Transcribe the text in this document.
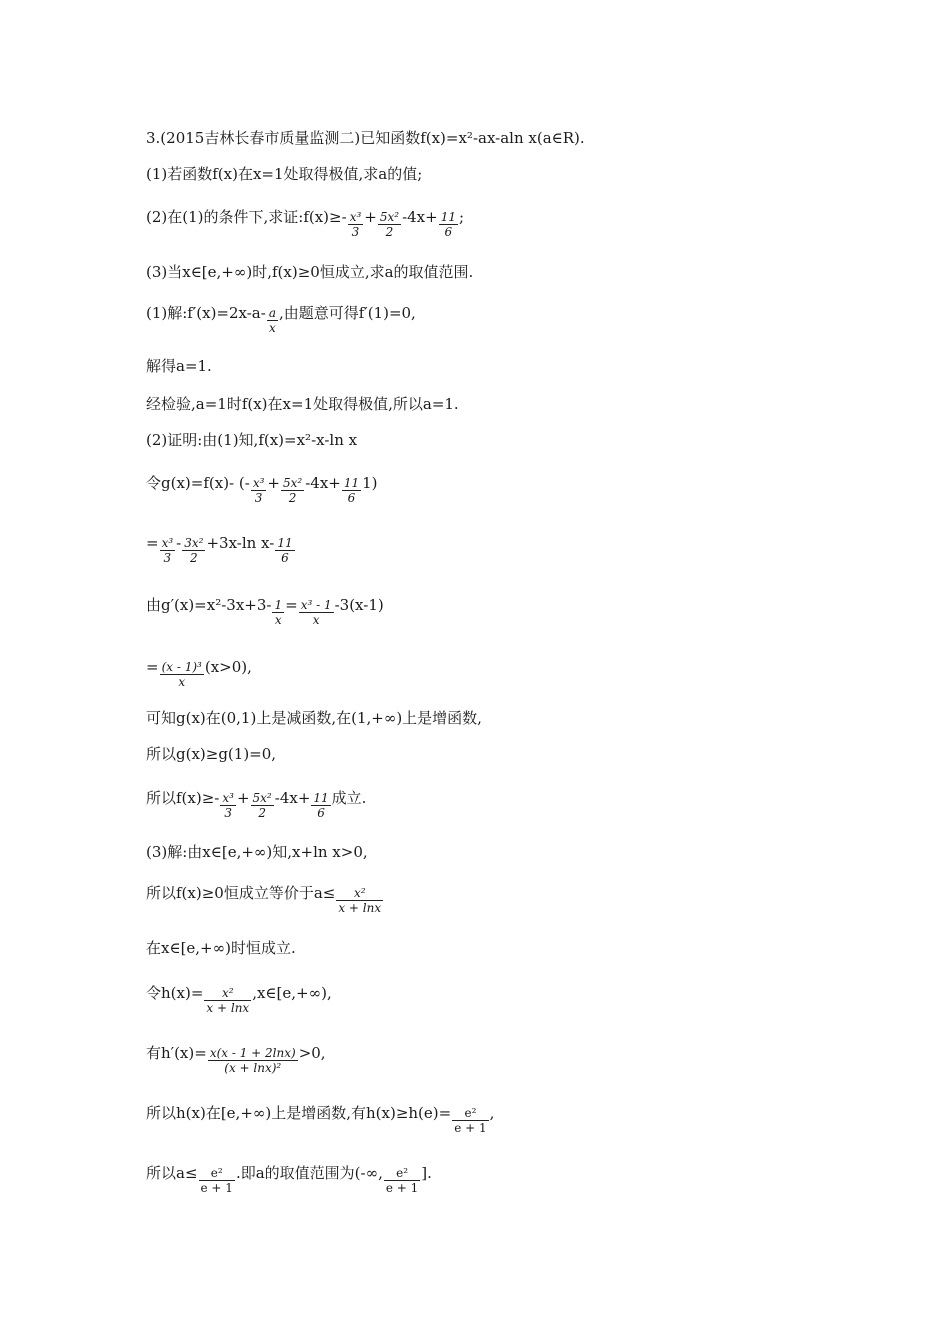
3.(2015吉林长春市质量监测二)已知函数f(x)=x²-ax-aln x(a∈R).
(1)若函数f(x)在x=1处取得极值,求a的值;
(2)在(1)的条件下,求证:f(x)≥- $\frac{\text{x³}}{3} + \frac{\text{5x²}}{2} -4x+ \frac{11}{6}$ ;
(3)当x∈[e,+∞)时,f(x)≥0恒成立,求a的取值范围.
(1)解:f′(x)=2x-a- $\frac{a}{x}$ ,由题意可得f′(1)=0,
解得a=1.
经检验,a=1时f(x)在x=1处取得极值,所以a=1.
(2)证明:由(1)知,f(x)=x²-x-ln x
令g(x)=f(x)- (- $\frac{\text{x³}}{3} + \frac{\text{5x²}}{2} -4x+ \frac{11}{6} 1$)
= $\frac{\text{x³}}{3} - \frac{\text{3x²}}{2} +3x-\ln$ $x- \frac{11}{6}$
由$g'(x)=x^2-3x+3- \frac{1}{x} = \frac{\text{x³ - 1}}{x} -3(x-1)$
= $\frac{\text{(x - 1)³}}{x} (x>0)$,
可知g(x)在(0,1)上是减函数,在(1,+∞)上是增函数,
所以g(x)≥g(1)=0,
所以$f(x)\ge- \frac{\text{x³}}{3} + \frac{\text{5x²}}{2} -4x+ \frac{11}{6}$ 成立.
(3)解:由x∈[e,+∞)知,x+ln x>0,
所以f(x)≥0恒成立等价于$a\le \frac{\text{x²}}{x + \ln x}$
在x∈[e,+∞)时恒成立.
令$h(x)= \frac{\text{x²}}{x + \ln x}$ ,x∈[e,+∞),
有$h'(x)= \frac{x(x - 1 + 2\ln x)}{\text{(x + lnx)²}} >0$,
所以h(x)在[e,+∞)上是增函数,有$h(x)\ge h(e)= \frac{\text{e²}}{e + 1}$ ,
所以$a\le \frac{\text{e²}}{e + 1}$ .即a的取值范围为(-∞, $\frac{\text{e²}}{e + 1}$ ].
